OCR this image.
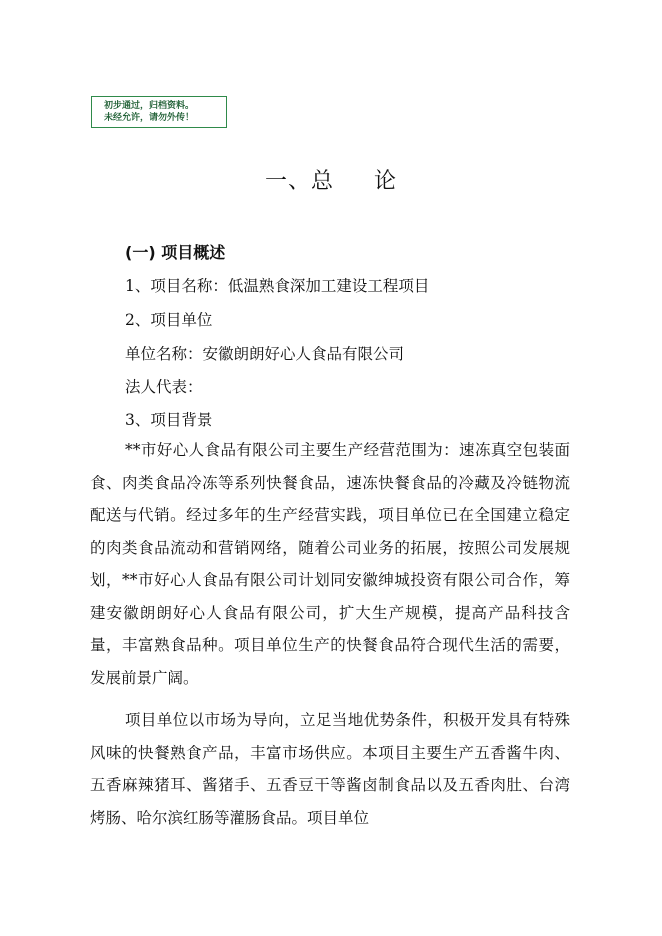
初步通过，归档资料。
未经允许，请勿外传！
一、总 论
(一) 项目概述
1、项目名称：低温熟食深加工建设工程项目
2、项目单位
单位名称：安徽朗朗好心人食品有限公司
法人代表：
3、项目背景
**市好心人食品有限公司主要生产经营范围为：速冻真空包装面食、肉类食品冷冻等系列快餐食品，速冻快餐食品的冷藏及冷链物流配送与代销。经过多年的生产经营实践，项目单位已在全国建立稳定的肉类食品流动和营销网络，随着公司业务的拓展，按照公司发展规划，**市好心人食品有限公司计划同安徽绅城投资有限公司合作，筹建安徽朗朗好心人食品有限公司，扩大生产规模，提高产品科技含量，丰富熟食品种。项目单位生产的快餐食品符合现代生活的需要，发展前景广阔。
项目单位以市场为导向，立足当地优势条件，积极开发具有特殊风味的快餐熟食产品，丰富市场供应。本项目主要生产五香酱牛肉、五香麻辣猪耳、酱猪手、五香豆干等酱卤制食品以及五香肉肚、台湾烤肠、哈尔滨红肠等灌肠食品。项目单位
